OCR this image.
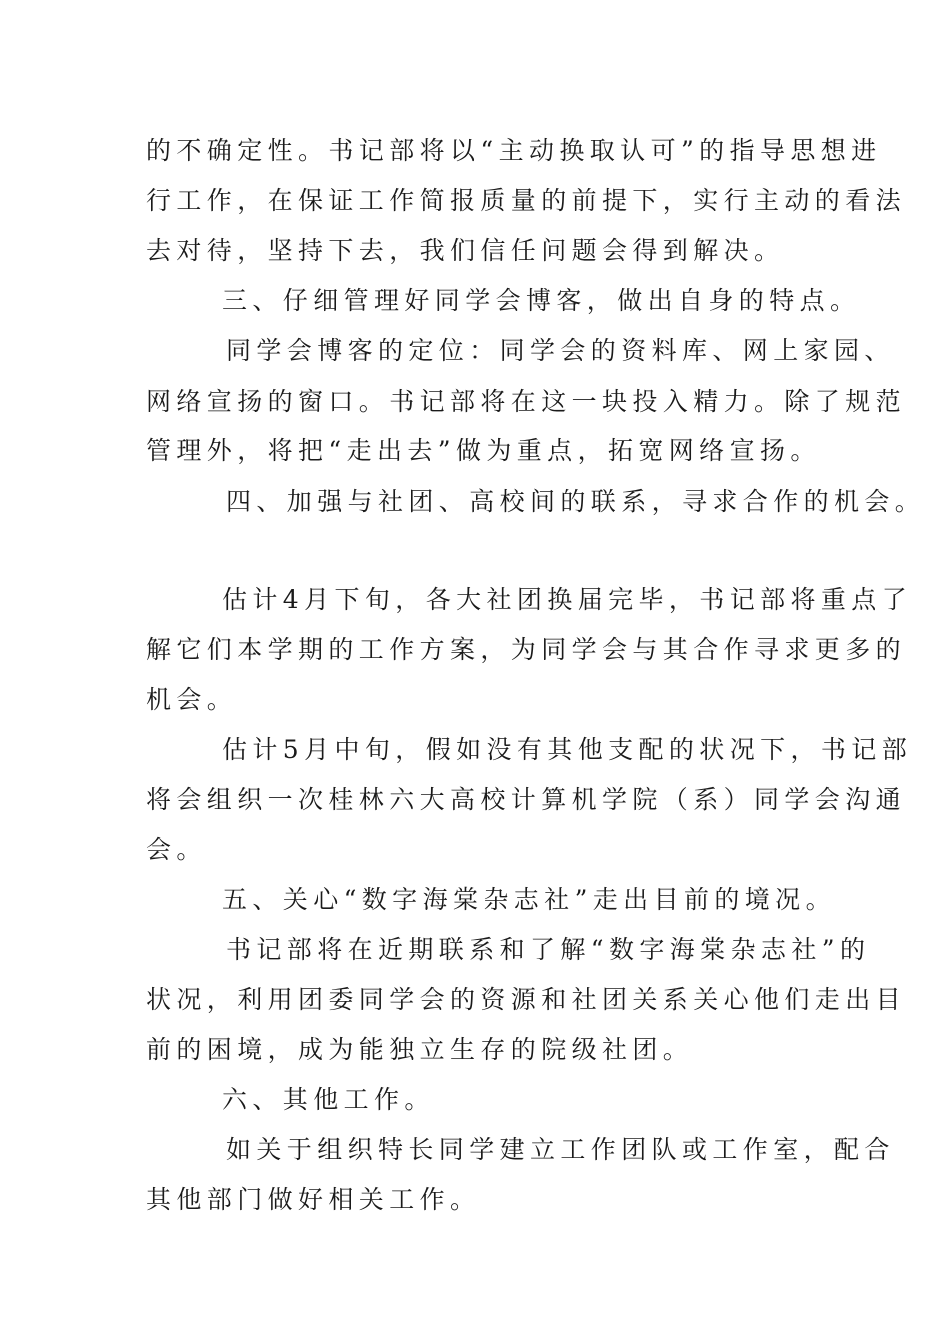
的不确定性。书记部将以“主动换取认可”的指导思想进
行工作，在保证工作简报质量的前提下，实行主动的看法
去对待，坚持下去，我们信任问题会得到解决。
三、仔细管理好同学会博客，做出自身的特点。
同学会博客的定位：同学会的资料库、网上家园、
网络宣扬的窗口。书记部将在这一块投入精力。除了规范
管理外，将把“走出去”做为重点，拓宽网络宣扬。
四、加强与社团、高校间的联系，寻求合作的机会。
估计4月下旬，各大社团换届完毕，书记部将重点了
解它们本学期的工作方案，为同学会与其合作寻求更多的
机会。
估计5月中旬，假如没有其他支配的状况下，书记部
将会组织一次桂林六大高校计算机学院（系）同学会沟通
会。
五、关心“数字海棠杂志社”走出目前的境况。
书记部将在近期联系和了解“数字海棠杂志社”的
状况，利用团委同学会的资源和社团关系关心他们走出目
前的困境，成为能独立生存的院级社团。
六、其他工作。
如关于组织特长同学建立工作团队或工作室，配合
其他部门做好相关工作。
